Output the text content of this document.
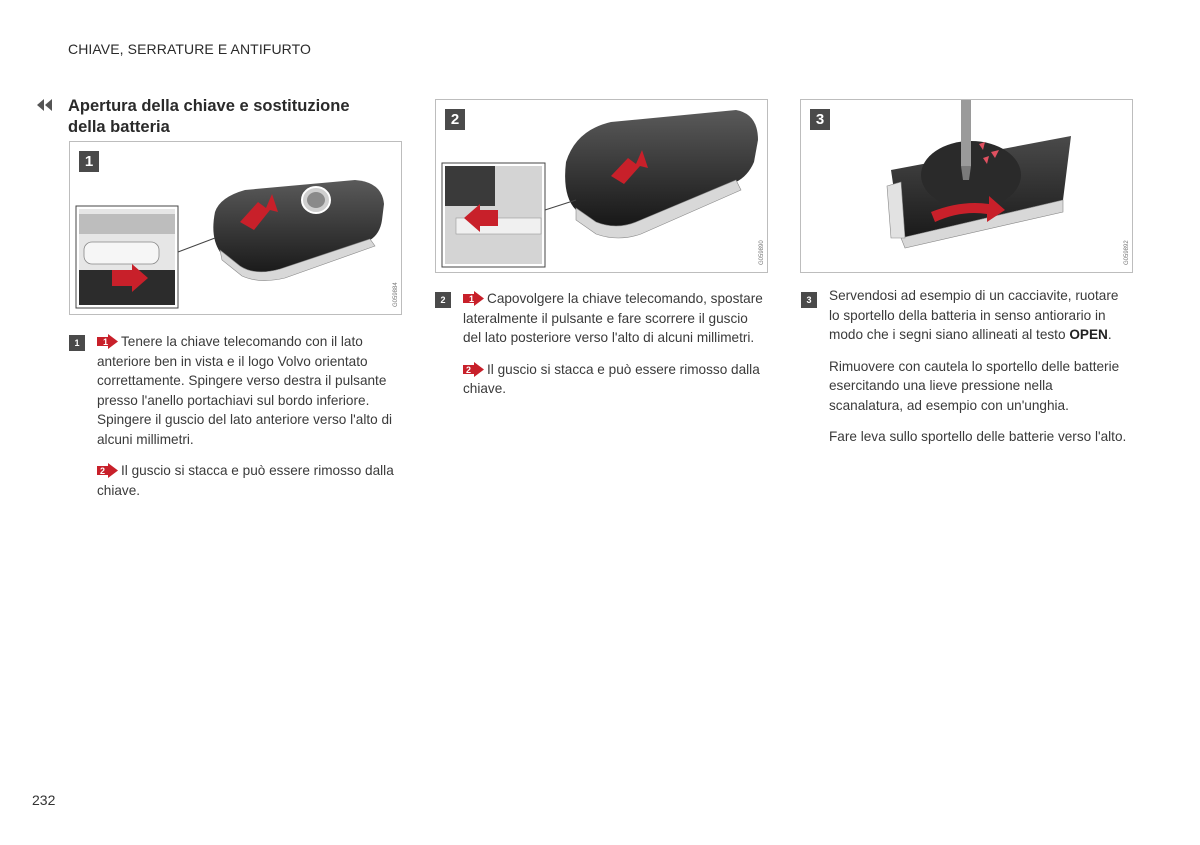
CHIAVE, SERRATURE E ANTIFURTO
Apertura della chiave e sostituzione della batteria
1
G059884
2
G059890
3
G059892
1	1 Tenere la chiave telecomando con il lato anteriore ben in vista e il logo Volvo orientato correttamente. Spingere verso destra il pulsante presso l'anello portachiavi sul bordo inferiore. Spingere il guscio del lato anteriore verso l'alto di alcuni millimetri.

2 Il guscio si stacca e può essere rimosso dalla chiave.

2	1 Capovolgere la chiave telecomando, spostare lateralmente il pulsante e fare scorrere il guscio del lato posteriore verso l'alto di alcuni millimetri.

2 Il guscio si stacca e può essere rimosso dalla chiave.

3	Servendosi ad esempio di un cacciavite, ruotare lo sportello della batteria in senso antiorario in modo che i segni siano allineati al testo OPEN.

Rimuovere con cautela lo sportello delle batterie esercitando una lieve pressione nella scanalatura, ad esempio con un'unghia.

Fare leva sullo sportello delle batterie verso l'alto.

232
